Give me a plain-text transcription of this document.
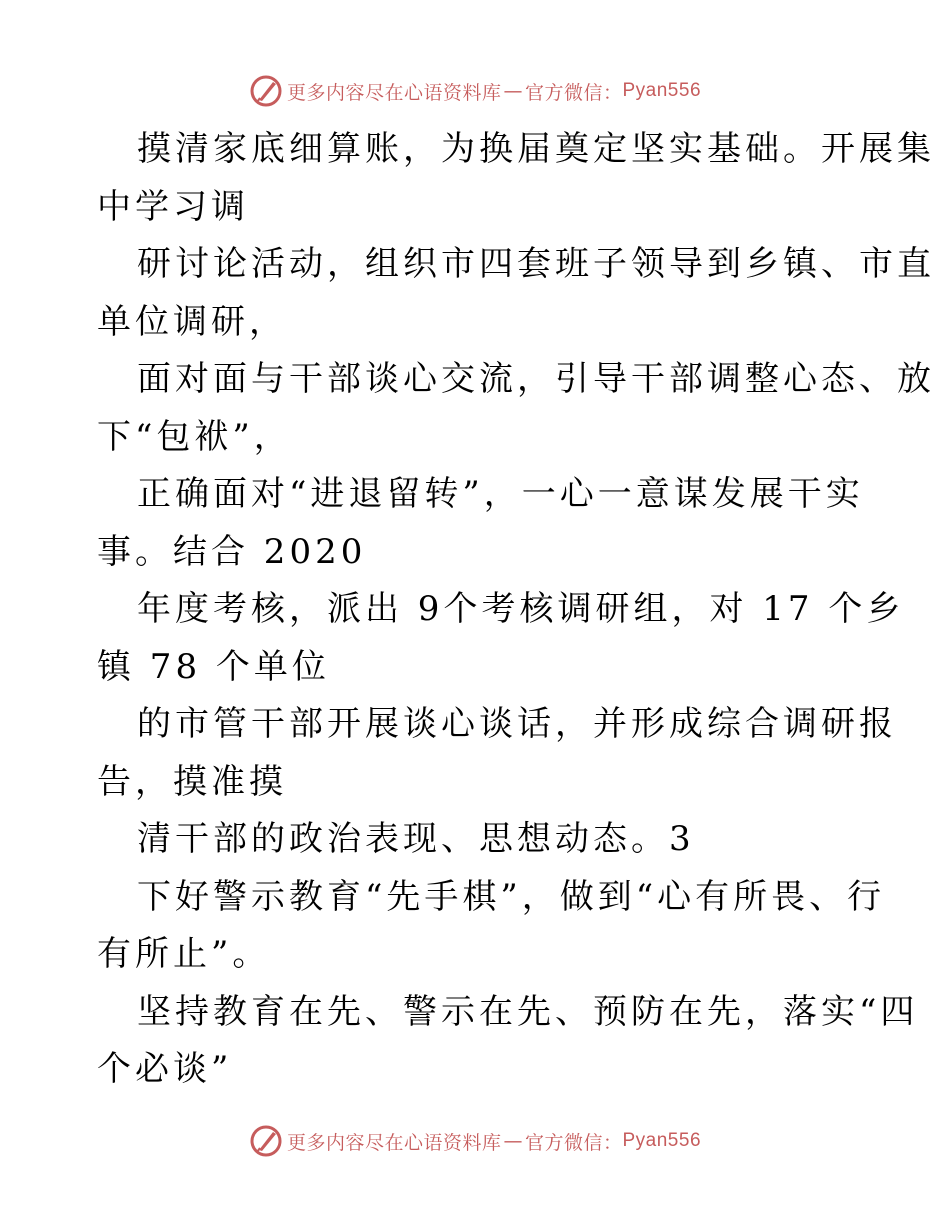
更多内容尽在心语资料库 — 官方微信： Pyan556
摸清家底细算账，为换届奠定坚实基础。开展集
中学习调
研讨论活动，组织市四套班子领导到乡镇、市直
单位调研，
面对面与干部谈心交流，引导干部调整心态、放
下“包袱”，
正确面对“进退留转”，一心一意谋发展干实
事。结合 2020
年度考核，派出 9个考核调研组，对 17 个乡
镇 78 个单位
的市管干部开展谈心谈话，并形成综合调研报
告，摸准摸
清干部的政治表现、思想动态。3
下好警示教育“先手棋”，做到“心有所畏、行
有所止”。
坚持教育在先、警示在先、预防在先，落实“四
个必谈”
更多内容尽在心语资料库 — 官方微信： Pyan556
